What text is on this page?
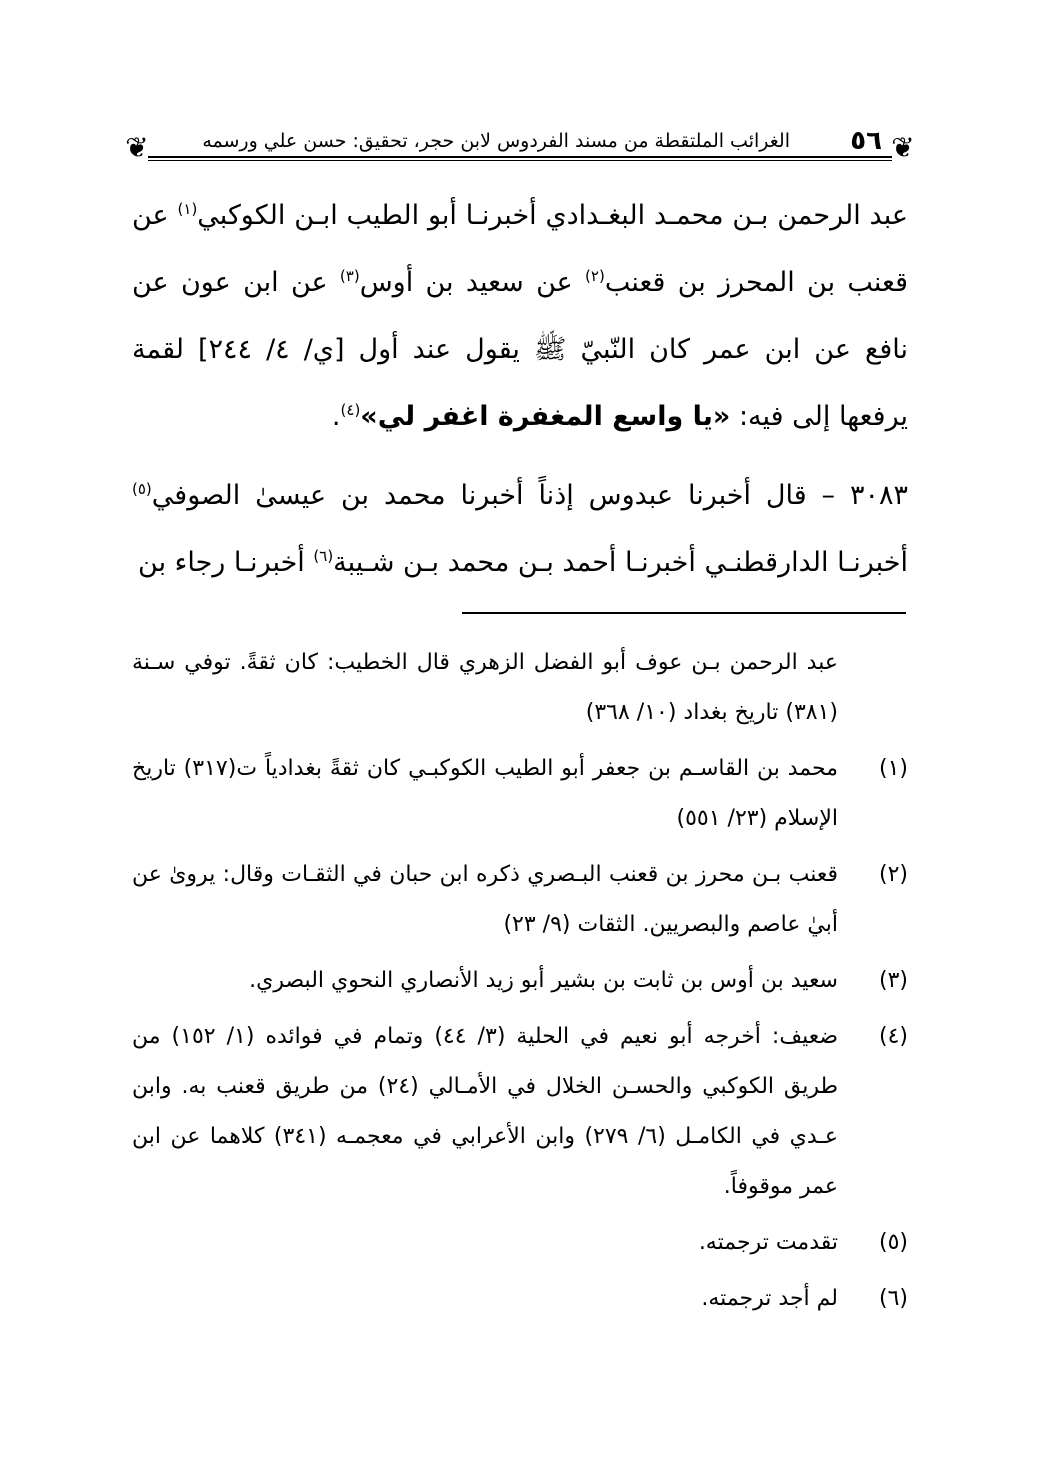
❦
❦	٥٦
الغرائب الملتقطة من مسند الفردوس لابن حجر، تحقيق: حسن علي ورسمه

عبد الرحمن بـن محمـد البغـدادي أخبرنـا أبو الطيب ابـن الكوكبي$^{(١)}$ عن قعنب بن المحرز بن قعنب$^{(٢)}$ عن سعيد بن أوس$^{(٣)}$ عن ابن عون عن نافع عن ابن عمر كان النّبيّ ﷺ يقول عند أول [ي/ ٤/ ٢٤٤] لقمة يرفعها إلى فيه: «يا واسع المغفرة اغفر لي»$^{(٤)}$.

٣٠٨٣ – قال أخبرنا عبدوس إذناً أخبرنا محمد بن عيسىٰ الصوفي$^{(٥)}$ أخبرنـا الدارقطنـي أخبرنـا أحمد بـن محمد بـن شـيبة$^{(٦)}$ أخبرنـا رجاء بن

عبد الرحمن بـن عوف أبو الفضل الزهري قال الخطيب: كان ثقةً. توفي سـنة (٣٨١) تاريخ بغداد (١٠/ ٣٦٨)
(١)
محمد بن القاسـم بن جعفر أبو الطيب الكوكبـي كان ثقةً بغدادياً ت(٣١٧) تاريخ الإسلام (٢٣/ ٥٥١)
(٢)
قعنب بـن محرز بن قعنب البـصري ذكره ابن حبان في الثقـات وقال: يرویٰ عن أبيٰ عاصم والبصريين. الثقات (٩/ ٢٣)
(٣)
سعيد بن أوس بن ثابت بن بشير أبو زيد الأنصاري النحوي البصري.
(٤)
ضعيف: أخرجه أبو نعيم في الحلية (٣/ ٤٤) وتمام في فوائده (١/ ١٥٢) من طريق الكوكبي والحسـن الخلال في الأمـالي (٢٤) من طريق قعنب به. وابن عـدي في الكامـل (٦/ ٢٧٩) وابن الأعرابي في معجمـه (٣٤١) كلاهما عن ابن عمر موقوفاً.
(٥)
تقدمت ترجمته.
(٦)
لم أجد ترجمته.
